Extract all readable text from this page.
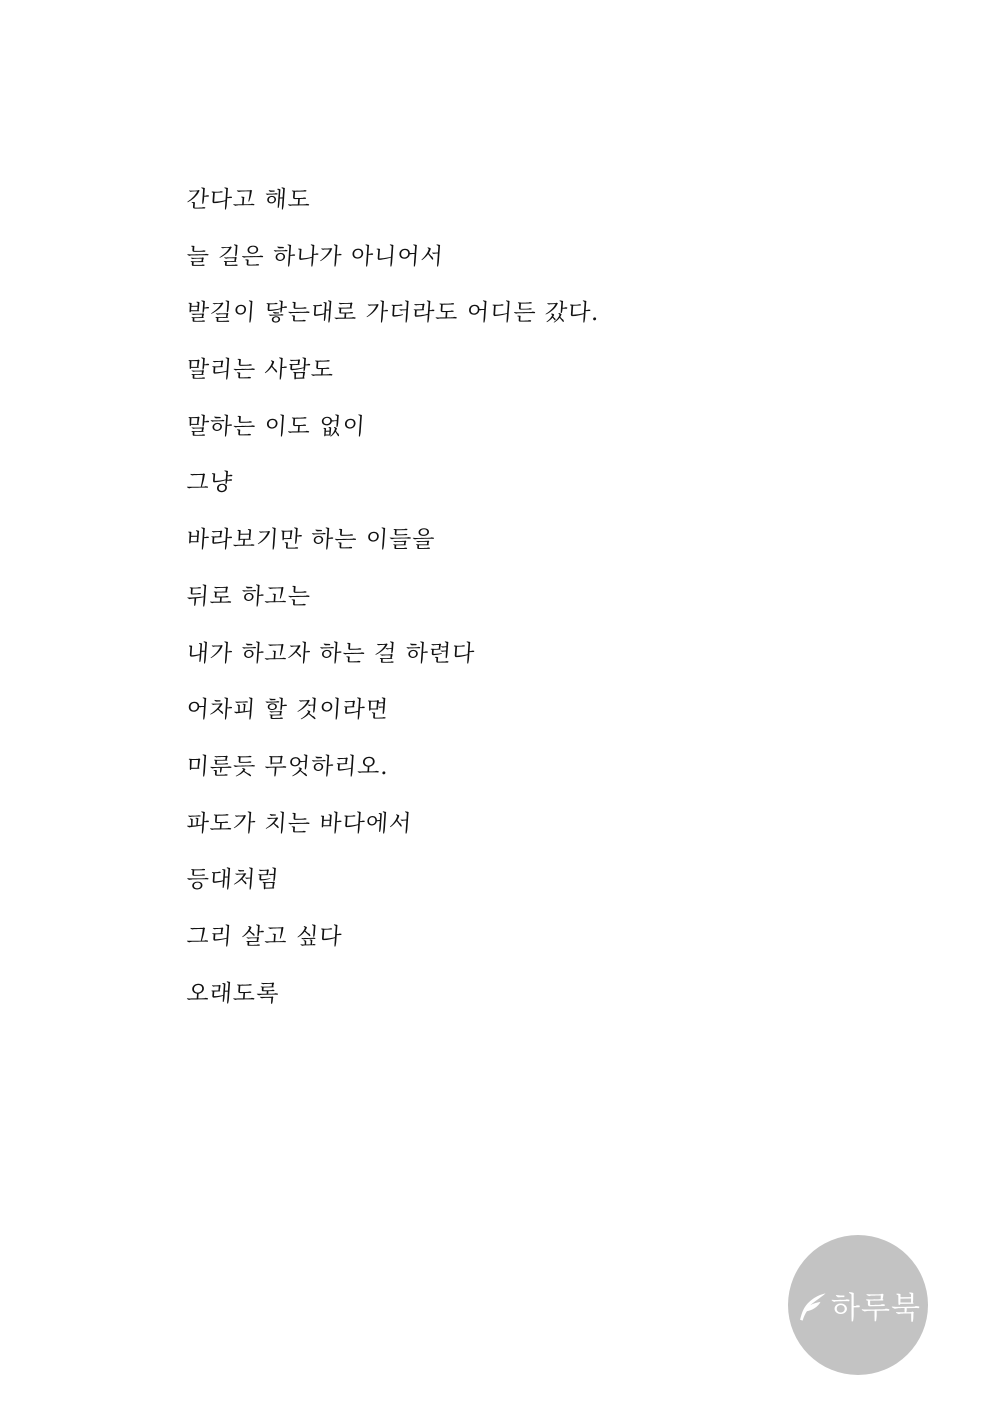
간다고 해도
늘 길은 하나가 아니어서
발길이 닿는대로 가더라도 어디든 갔다.
말리는 사람도
말하는 이도 없이
그냥
바라보기만 하는 이들을
뒤로 하고는
내가 하고자 하는 걸 하련다
어차피 할 것이라면
미룬듯 무엇하리오.
파도가 치는 바다에서
등대처럼
그리 살고 싶다
오래도록
하루북
